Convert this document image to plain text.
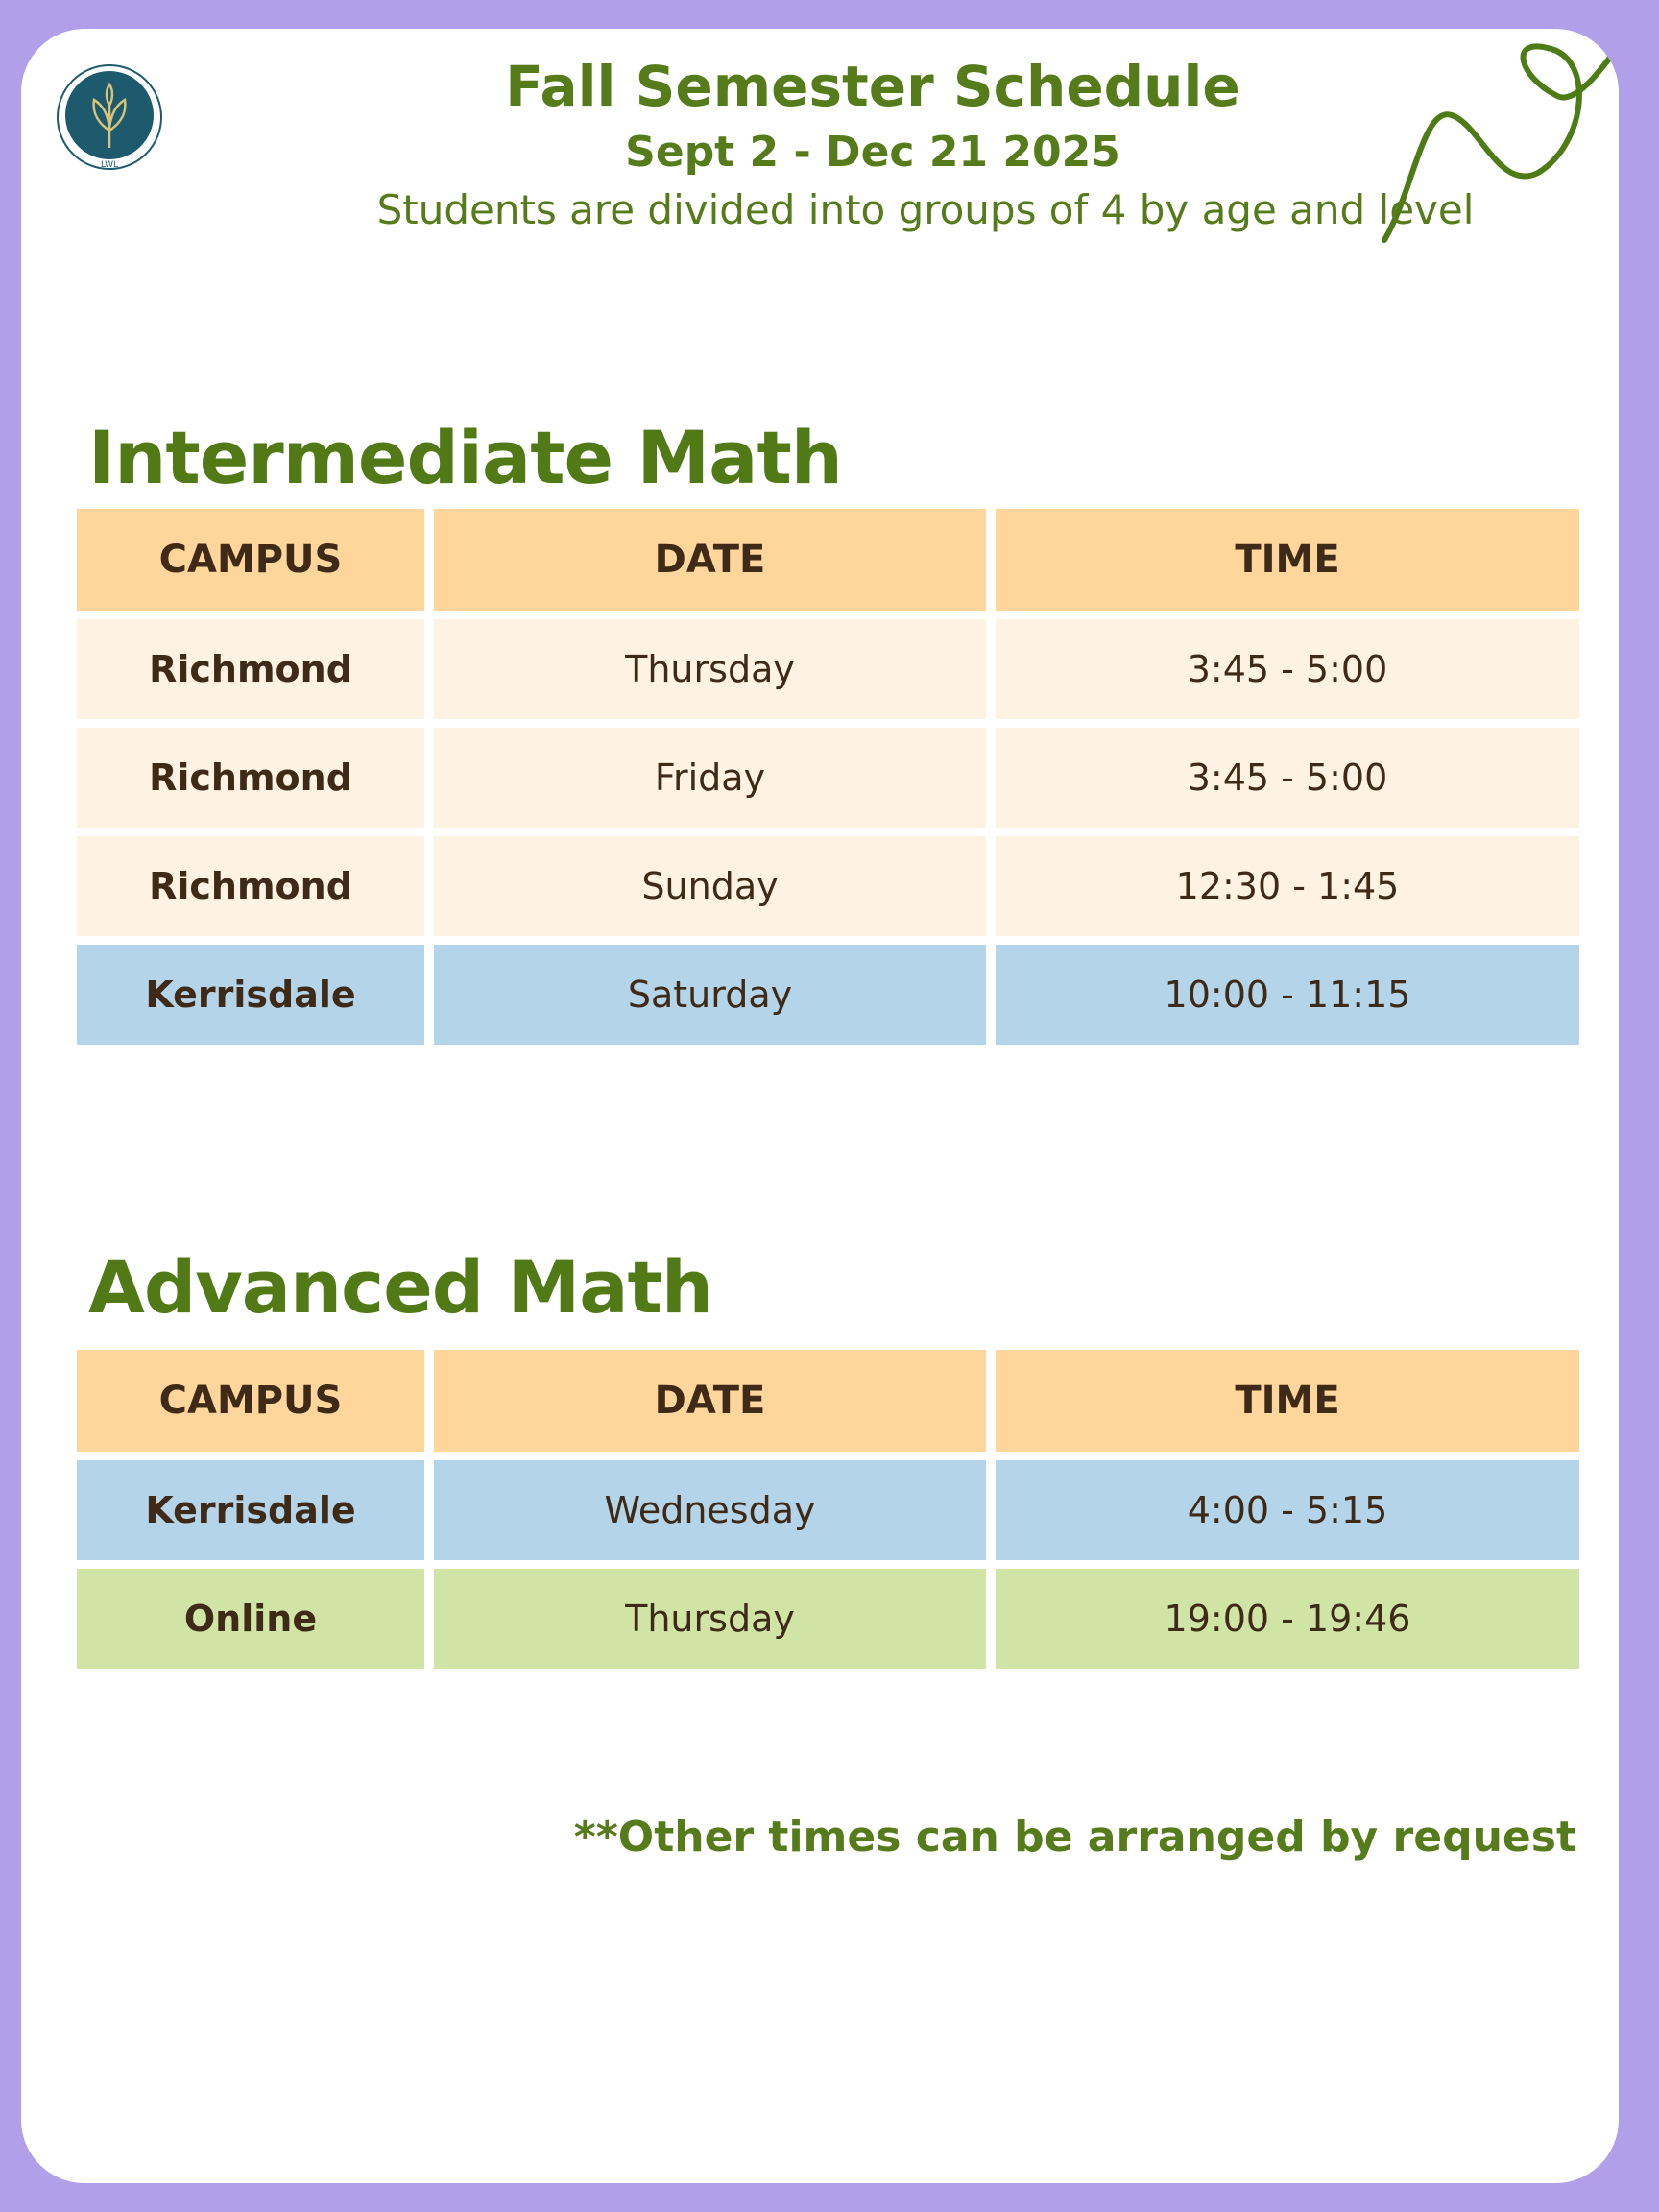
LWL
Fall Semester Schedule
Sept 2 - Dec 21 2025
Students are divided into groups of 4 by age and level
Intermediate Math
CAMPUS	DATE	TIME
Richmond	Thursday	3:45 - 5:00
Richmond	Friday	3:45 - 5:00
Richmond	Sunday	12:30 - 1:45
Kerrisdale	Saturday	10:00 - 11:15
Advanced Math
CAMPUS	DATE	TIME
Kerrisdale	Wednesday	4:00 - 5:15
Online	Thursday	19:00 - 19:46
**Other times can be arranged by request
